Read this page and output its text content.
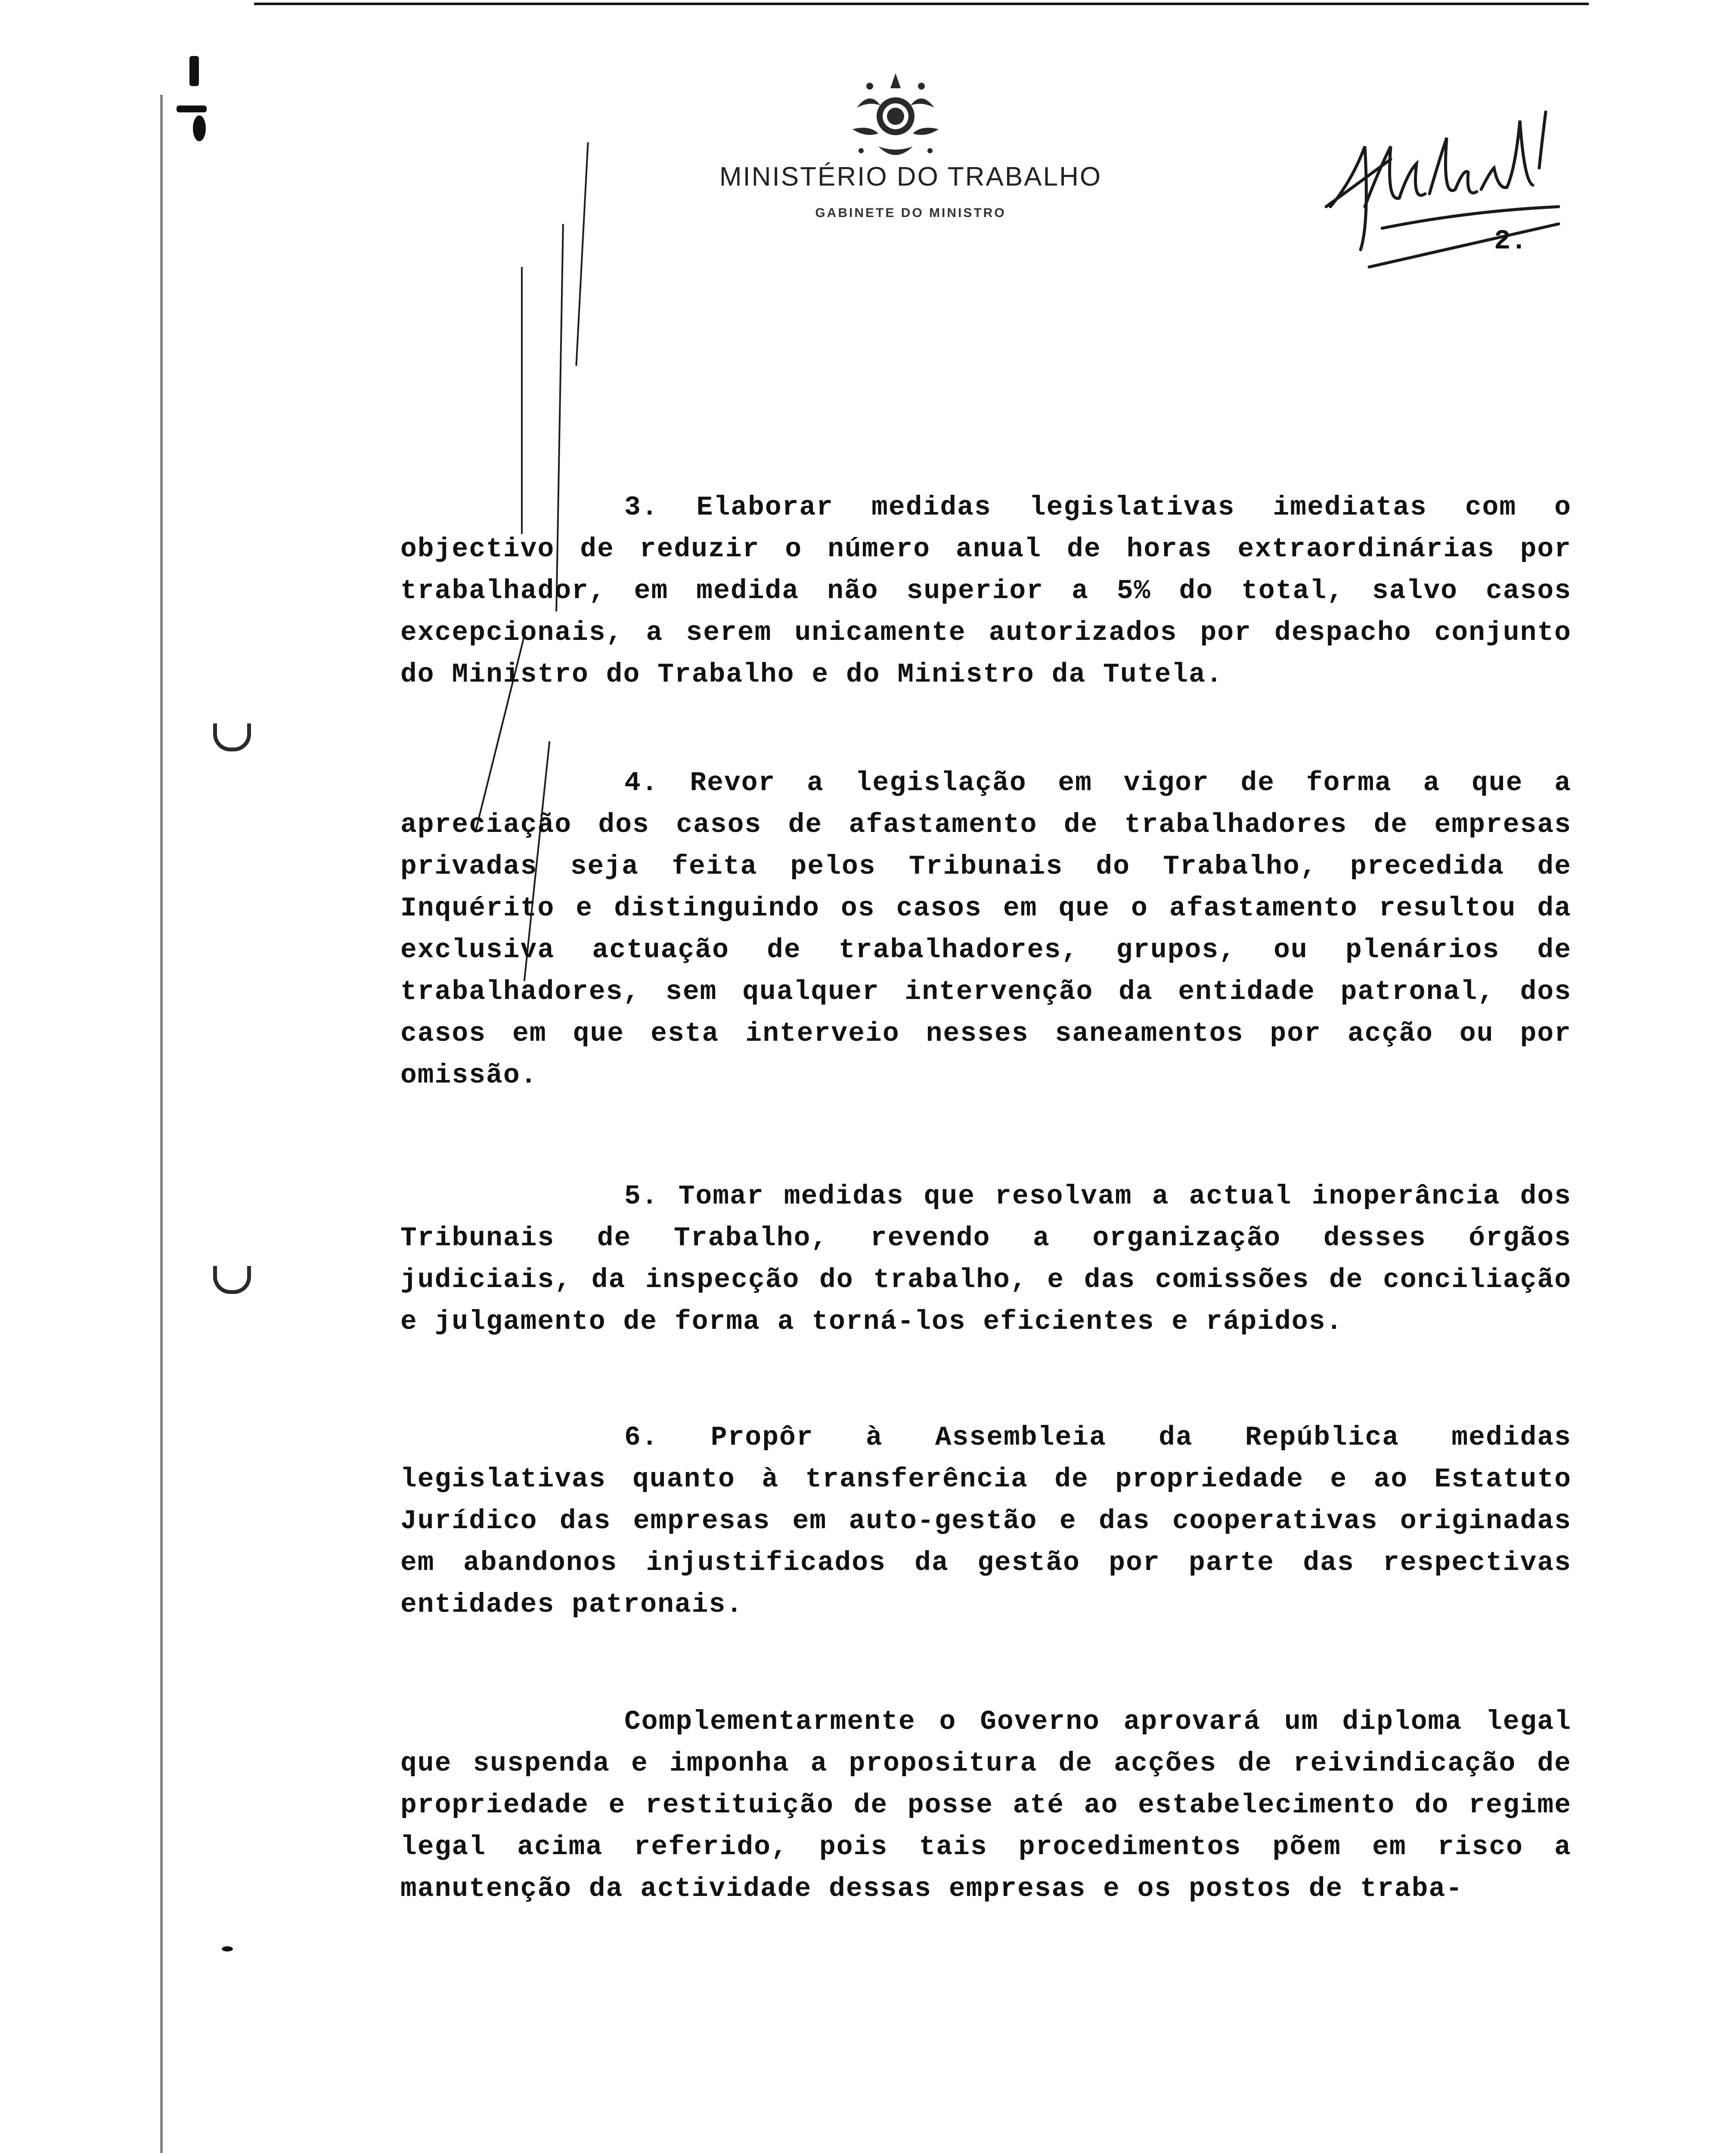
MINISTÉRIO DO TRABALHO
GABINETE DO MINISTRO
2.

3. Elaborar medidas legislativas imediatas com o objectivo de reduzir o número anual de horas extraordinárias por trabalhador, em medida não superior a 5% do total, salvo casos excepcionais, a serem unicamente autorizados por despacho conjunto do Ministro do Trabalho e do Ministro da Tutela.

4. Revor a legislação em vigor de forma a que a apreciação dos casos de afastamento de trabalhadores de empresas privadas seja feita pelos Tribunais do Trabalho, precedida de Inquérito e distinguindo os casos em que o afastamento resultou da exclusiva actuação de trabalhadores, grupos, ou plenários de trabalhadores, sem qualquer intervenção da entidade patronal, dos casos em que esta interveio nesses saneamentos por acção ou por omissão.

5. Tomar medidas que resolvam a actual inoperância dos Tribunais de Trabalho, revendo a organização desses órgãos judiciais, da inspecção do trabalho, e das comissões de conciliação e julgamento de forma a torná-los eficientes e rápidos.

6. Propôr à Assembleia da República medidas legislativas quanto à transferência de propriedade e ao Estatuto Jurídico das empresas em auto-gestão e das cooperativas originadas em abandonos injustificados da gestão por parte das respectivas entidades patronais.

Complementarmente o Governo aprovará um diploma legal que suspenda e imponha a propositura de acções de reivindicação de propriedade e restituição de posse até ao estabelecimento do regime legal acima referido, pois tais procedimentos põem em risco a manutenção da actividade dessas empresas e os postos de traba-
